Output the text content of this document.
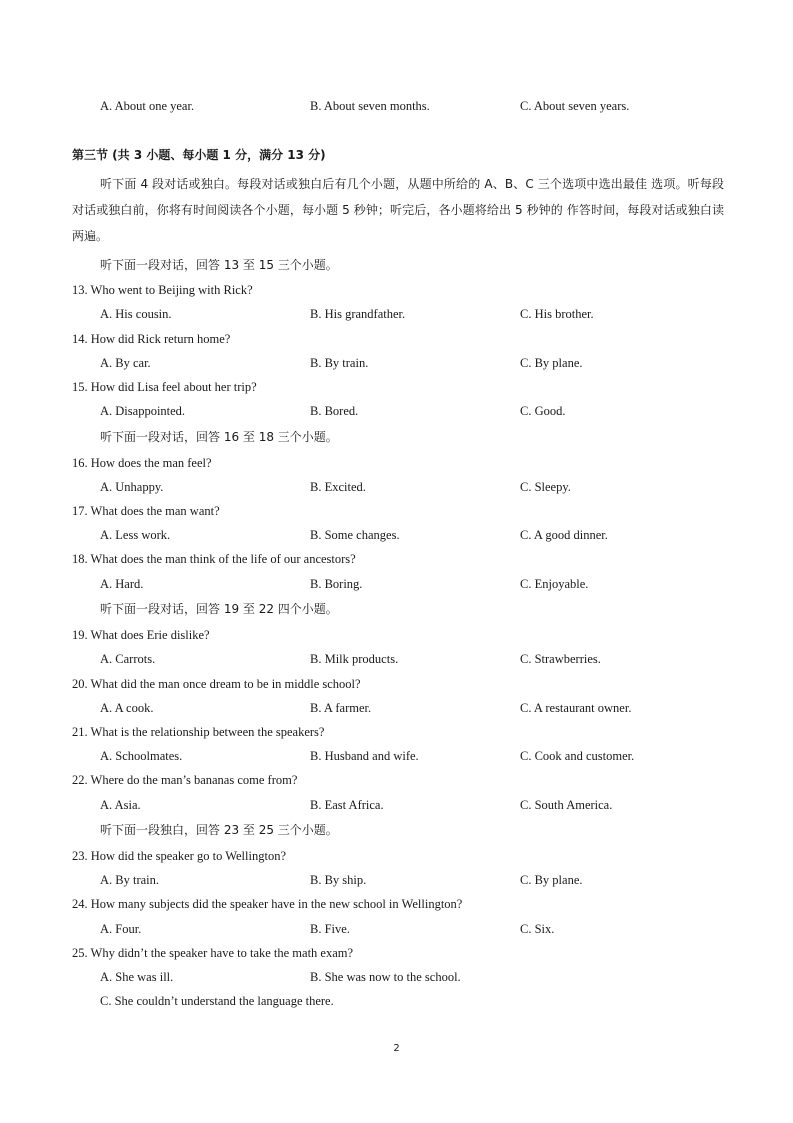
A. About one year.	B. About seven months.	C. About seven years.
第三节 (共 3 小题、每小题 1 分，满分 13 分)
听下面 4 段对话或独白。每段对话或独白后有几个小题，从题中所给的 A、B、C 三个选项中选出最佳 选项。听每段对话或独白前，你将有时间阅读各个小题，每小题 5 秒钟；听完后，各小题将给出 5 秒钟的 作答时间，每段对话或独白读两遍。
听下面一段对话，回答 13 至 15 三个小题。
13. Who went to Beijing with Rick?
A. His cousin.	B. His grandfather.	C. His brother.
14. How did Rick return home?
A. By car.	B. By train.	C. By plane.
15. How did Lisa feel about her trip?
A. Disappointed.	B. Bored.	C. Good.
听下面一段对话，回答 16 至 18 三个小题。
16. How does the man feel?
A. Unhappy.	B. Excited.	C. Sleepy.
17. What does the man want?
A. Less work.	B. Some changes.	C. A good dinner.
18. What does the man think of the life of our ancestors?
A. Hard.	B. Boring.	C. Enjoyable.
听下面一段对话，回答 19 至 22 四个小题。
19. What does Erie dislike?
A. Carrots.	B. Milk products.	C. Strawberries.
20. What did the man once dream to be in middle school?
A. A cook.	B. A farmer.	C. A restaurant owner.
21. What is the relationship between the speakers?
A. Schoolmates.	B. Husband and wife.	C. Cook and customer.
22. Where do the man’s bananas come from?
A. Asia.	B. East Africa.	C. South America.
听下面一段独白，回答 23 至 25 三个小题。
23. How did the speaker go to Wellington?
A. By train.	B. By ship.	C. By plane.
24. How many subjects did the speaker have in the new school in Wellington?
A. Four.	B. Five.	C. Six.
25. Why didn’t the speaker have to take the math exam?
A. She was ill.	B. She was now to the school.
C. She couldn’t understand the language there.
2
